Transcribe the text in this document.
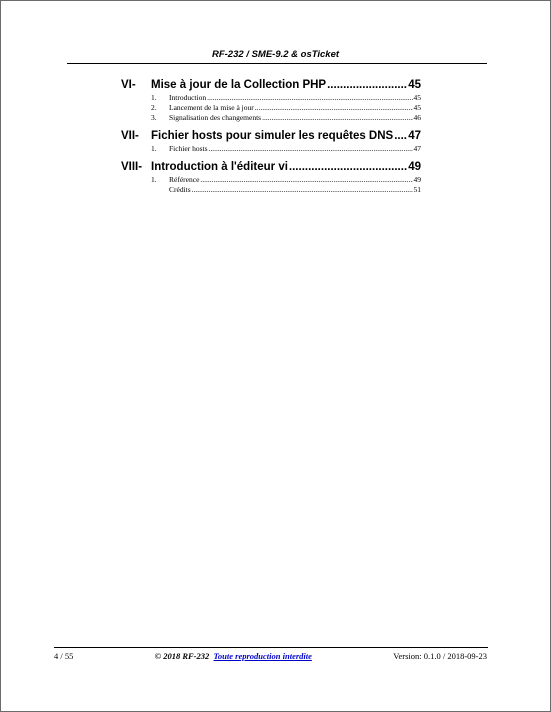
RF-232 / SME-9.2 & osTicket
VI-	Mise à jour de la Collection PHP .....	45
1.	Introduction .....	45
2.	Lancement de la mise à jour .....	45
3.	Signalisation des changements .....	46
VII-	Fichier hosts pour simuler les requêtes DNS ..... 47
1.	Fichier hosts .....	47
VIII- Introduction à l'éditeur vi .....	49
1.	Référence .....	49
Crédits .....	51
4 / 55	© 2018 RF-232 Toute reproduction interdite	Version: 0.1.0 / 2018-09-23
